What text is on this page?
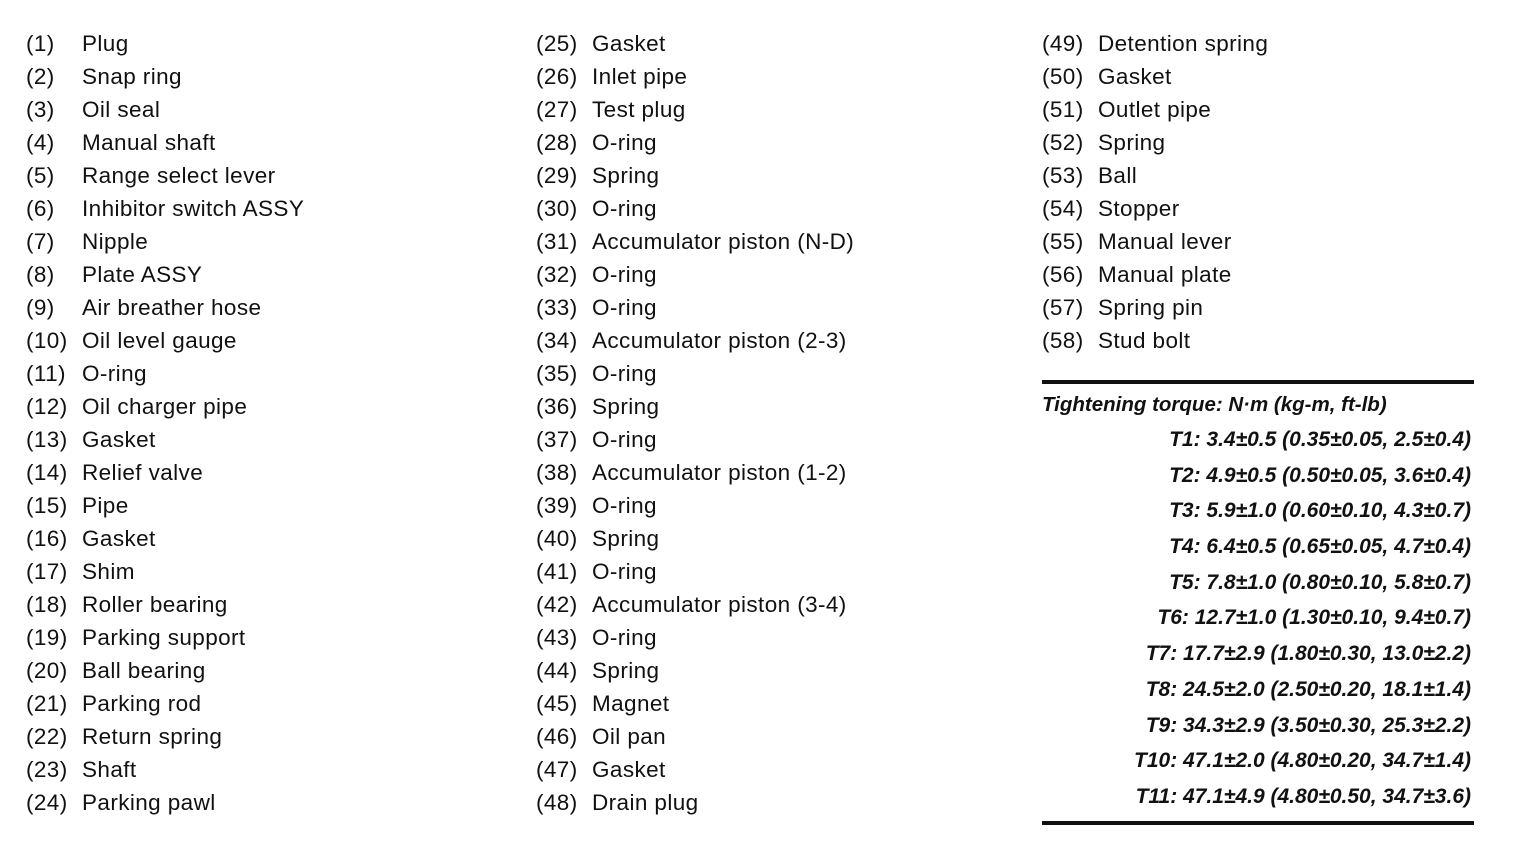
(1)	Plug
(2)	Snap ring
(3)	Oil seal
(4)	Manual shaft
(5)	Range select lever
(6)	Inhibitor switch ASSY
(7)	Nipple
(8)	Plate ASSY
(9)	Air breather hose
(10) Oil level gauge
(11) O-ring
(12) Oil charger pipe
(13) Gasket
(14) Relief valve
(15) Pipe
(16) Gasket
(17) Shim
(18) Roller bearing
(19) Parking support
(20) Ball bearing
(21) Parking rod
(22) Return spring
(23) Shaft
(24) Parking pawl
(25) Gasket
(26) Inlet pipe
(27) Test plug
(28) O-ring
(29) Spring
(30) O-ring
(31) Accumulator piston (N-D)
(32) O-ring
(33) O-ring
(34) Accumulator piston (2-3)
(35) O-ring
(36) Spring
(37) O-ring
(38) Accumulator piston (1-2)
(39) O-ring
(40) Spring
(41) O-ring
(42) Accumulator piston (3-4)
(43) O-ring
(44) Spring
(45) Magnet
(46) Oil pan
(47) Gasket
(48) Drain plug
(49) Detention spring
(50) Gasket
(51) Outlet pipe
(52) Spring
(53) Ball
(54) Stopper
(55) Manual lever
(56) Manual plate
(57) Spring pin
(58) Stud bolt
Tightening torque: N·m (kg-m, ft-lb)
T1: 3.4±0.5 (0.35±0.05, 2.5±0.4)
T2: 4.9±0.5 (0.50±0.05, 3.6±0.4)
T3: 5.9±1.0 (0.60±0.10, 4.3±0.7)
T4: 6.4±0.5 (0.65±0.05, 4.7±0.4)
T5: 7.8±1.0 (0.80±0.10, 5.8±0.7)
T6: 12.7±1.0 (1.30±0.10, 9.4±0.7)
T7: 17.7±2.9 (1.80±0.30, 13.0±2.2)
T8: 24.5±2.0 (2.50±0.20, 18.1±1.4)
T9: 34.3±2.9 (3.50±0.30, 25.3±2.2)
T10: 47.1±2.0 (4.80±0.20, 34.7±1.4)
T11: 47.1±4.9 (4.80±0.50, 34.7±3.6)
